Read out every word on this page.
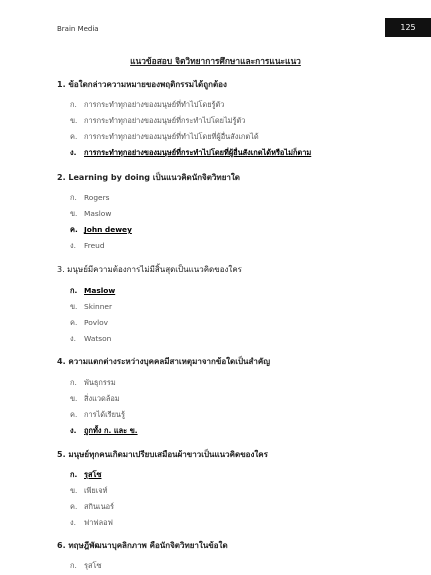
Brain Media	125
แนวข้อสอบ จิตวิทยาการศึกษาและการแนะแนว
1. ข้อใดกล่าวความหมายของพฤติกรรมได้ถูกต้อง
ก. การกระทำทุกอย่างของมนุษย์ที่ทำไปโดยรู้ตัว
ข. การกระทำทุกอย่างของมนุษย์ที่กระทำไปโดยไม่รู้ตัว
ค. การกระทำทุกอย่างของมนุษย์ที่ทำไปโดยที่ผู้อื่นสังเกตได้
ง. การกระทำทุกอย่างของมนุษย์ที่กระทำไปโดยที่ผู้อื่นสังเกตได้หรือไม่ก็ตาม
2. Learning by doing เป็นแนวคิดนักจิตวิทยาใด
ก. Rogers
ข. Maslow
ค. John dewey
ง. Freud
3. มนุษย์มีความต้องการไม่มีสิ้นสุดเป็นแนวคิดของใคร
ก. Maslow
ข. Skinner
ค. Povlov
ง. Watson
4. ความแตกต่างระหว่างบุคคลมีสาเหตุมาจากข้อใดเป็นสำคัญ
ก. พันธุกรรม
ข. สิ่งแวดล้อม
ค. การได้เรียนรู้
ง. ถูกทั้ง ก. และ ข.
5. มนุษย์ทุกคนเกิดมาเปรียบเสมือนผ้าขาวเป็นแนวคิดของใคร
ก. รุสโซ
ข. เพียเจท์
ค. สกินเนอร์
ง. ฟาฟลอฟ
6. ทฤษฎีพัฒนาบุคลิกภาพ คือนักจิตวิทยาในข้อใด
ก. รุสโซ
